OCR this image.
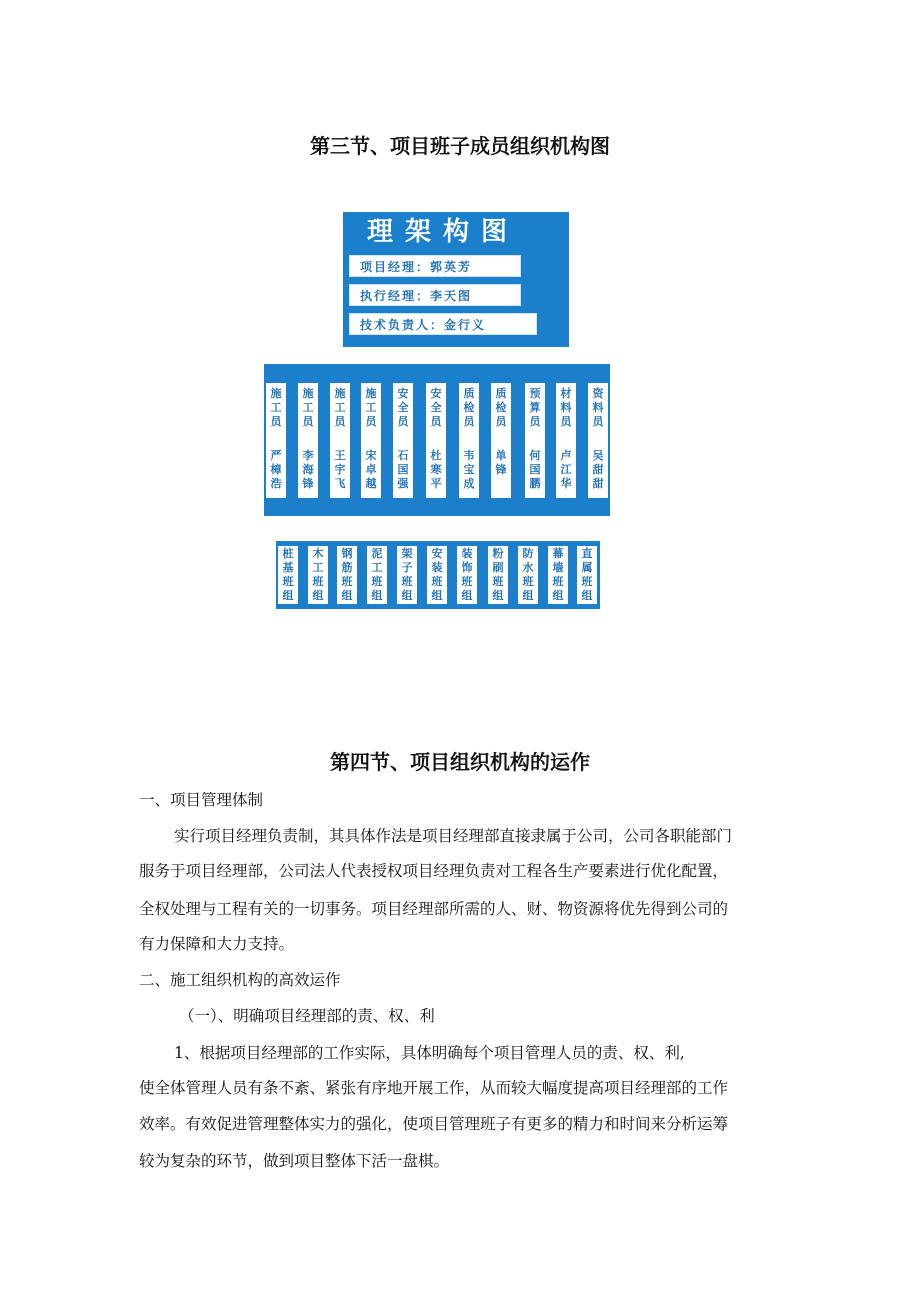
第三节、项目班子成员组织机构图
理架构图
项目经理：郭英芳
执行经理：李天图
技术负责人：金行义
施工员
严樟浩
施工员
李海锋
施工员
王宇飞
施工员
宋卓越
安全员
石国强
安全员
杜寒平
质检员
韦宝成
质检员
单锋
预算员
何国鹏
材料员
卢江华
资料员
吴甜甜
桩基班组
木工班组
钢筋班组
泥工班组
架子班组
安装班组
装饰班组
粉刷班组
防水班组
幕墙班组
直属班组
第四节、项目组织机构的运作
一、项目管理体制
实行项目经理负责制，其具体作法是项目经理部直接隶属于公司，公司各职能部门
服务于项目经理部，公司法人代表授权项目经理负责对工程各生产要素进行优化配置，
全权处理与工程有关的一切事务。项目经理部所需的人、财、物资源将优先得到公司的
有力保障和大力支持。
二、施工组织机构的高效运作
（一）、明确项目经理部的责、权、利
1、根据项目经理部的工作实际，具体明确每个项目管理人员的责、权、利,
使全体管理人员有条不紊、紧张有序地开展工作，从而较大幅度提高项目经理部的工作
效率。有效促进管理整体实力的强化，使项目管理班子有更多的精力和时间来分析运筹
较为复杂的环节，做到项目整体下活一盘棋。
